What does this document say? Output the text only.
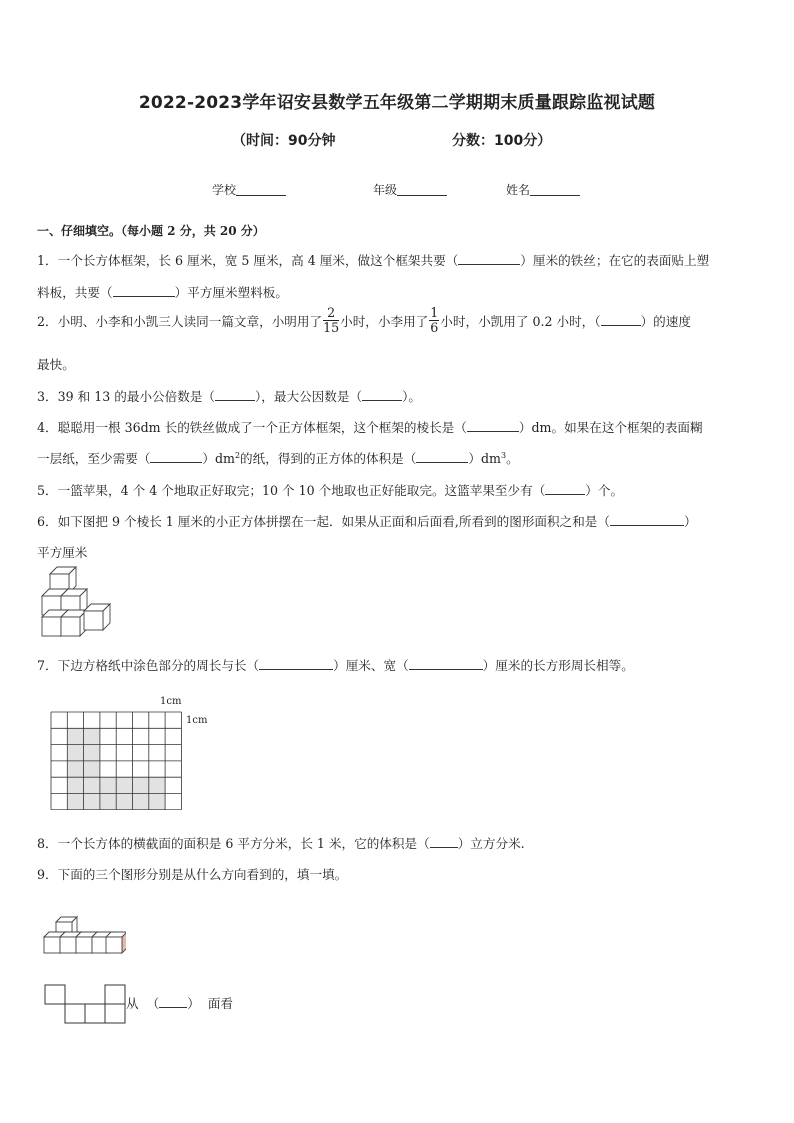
2022-2023学年诏安县数学五年级第二学期期末质量跟踪监视试题
（时间：90分钟	分数：100分）
学校	年级	姓名
一、仔细填空。（每小题 2 分，共 20 分）
1．一个长方体框架，长 6 厘米，宽 5 厘米，高 4 厘米，做这个框架共要（	）厘米的铁丝；在它的表面贴上塑
料板，共要（	）平方厘米塑料板。
2．小明、小李和小凯三人读同一篇文章，小明用了 $\frac{2}{15}$ 小时，小李用了 $\frac{1}{6}$ 小时，小凯用了 0.2 小时，（	）的速度
最快。
3．39 和 13 的最小公倍数是（	），最大公因数是（	）。
4．聪聪用一根 36dm 长的铁丝做成了一个正方体框架，这个框架的棱长是（	）dm。如果在这个框架的表面糊
一层纸，至少需要（	）$dm^2$的纸，得到的正方体的体积是（	）$dm^3$。
5．一篮苹果，4 个 4 个地取正好取完；10 个 10 个地取也正好能取完。这篮苹果至少有（	）个。
6．如下图把 9 个棱长 1 厘米的小正方体拼摆在一起．如果从正面和后面看,所看到的图形面积之和是（	）
平方厘米
7．下边方格纸中涂色部分的周长与长（	）厘米、宽（	）厘米的长方形周长相等。
1cm
1cm
8．一个长方体的横截面的面积是 6 平方分米，长 1 米，它的体积是（ ）立方分米.
9．下面的三个图形分别是从什么方向看到的，填一填。
从 （ ） 面看
